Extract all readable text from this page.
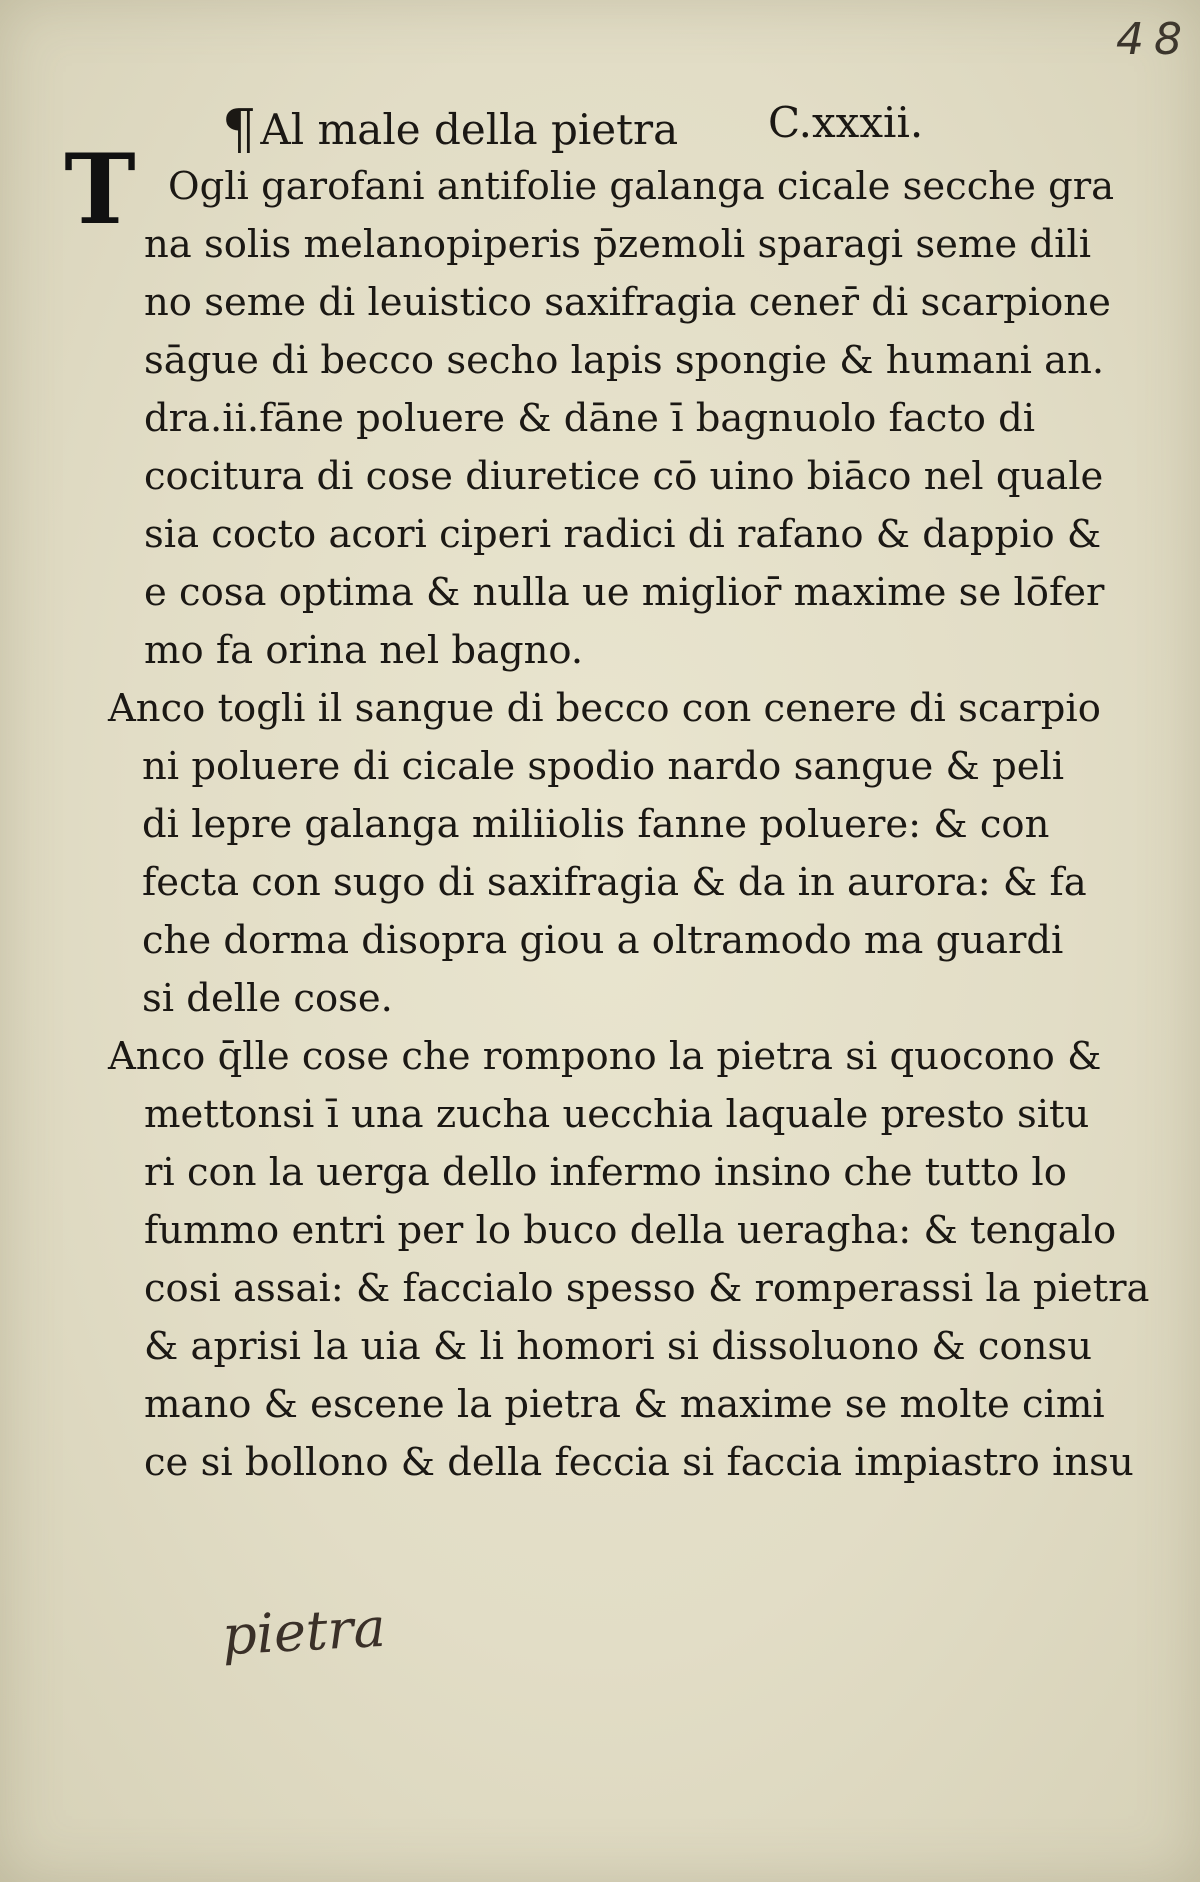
48
¶Al male della pietra C.xxxii.
T Ogli garofani antifolie galanga cicale secche gra
na solis melanopiperis p̄zemoli sparagi seme dili
no seme di leuistico saxifragia cener̄ di scarpione
sāgue di becco secho lapis spongie & humani an.
dra.ii.fāne poluere & dāne ī bagnuolo facto di
cocitura di cose diuretice cō uino biāco nel quale
sia cocto acori ciperi radici di rafano & dappio &
e cosa optima & nulla ue miglior̄ maxime se lōfer
mo fa orina nel bagno.
Anco togli il sangue di becco con cenere di scarpio
ni poluere di cicale spodio nardo sangue & peli
di lepre galanga miliiolis fanne poluere: & con
fecta con sugo di saxifragia & da in aurora: & fa
che dorma disopra giou a oltramodo ma guardi
si delle cose.
Anco q̄lle cose che rompono la pietra si quocono &
mettonsi ī una zucha uecchia laquale presto situ
ri con la uerga dello infermo insino che tutto lo
fummo entri per lo buco della ueragha: & tengalo
cosi assai: & faccialo spesso & romperassi la pietra
& aprisi la uia & li homori si dissoluono & consu
mano & escene la pietra & maxime se molte cimi
ce si bollono & della feccia si faccia impiastro insu
pietra
